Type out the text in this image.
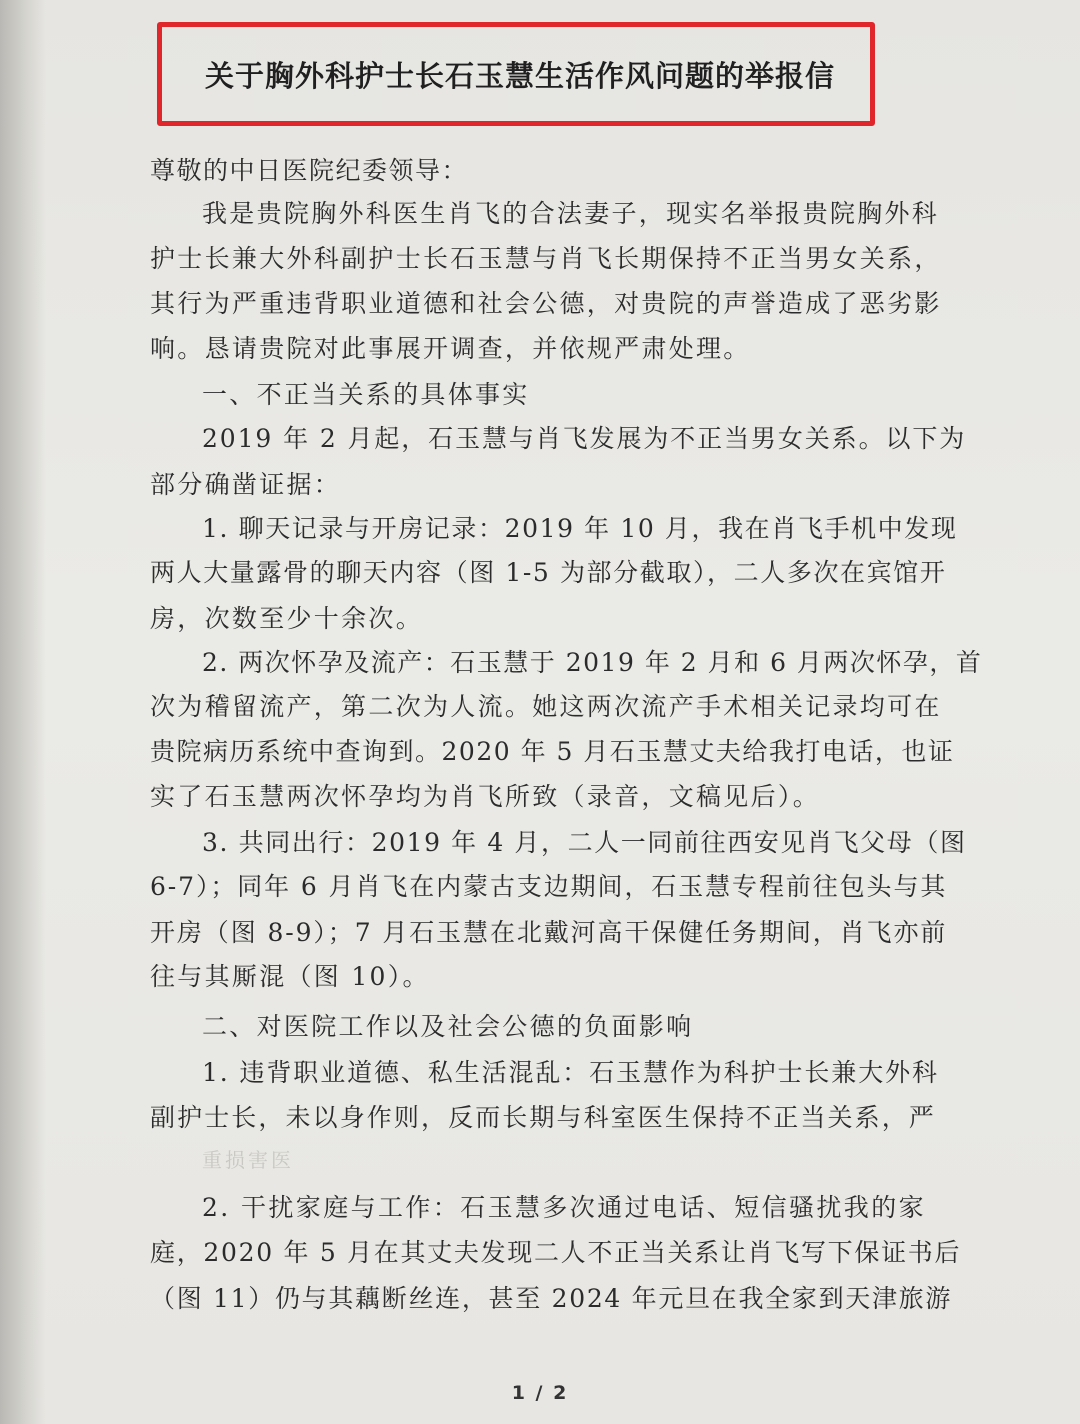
关于胸外科护士长石玉慧生活作风问题的举报信
尊敬的中日医院纪委领导：
我是贵院胸外科医生肖飞的合法妻子，现实名举报贵院胸外科
护士长兼大外科副护士长石玉慧与肖飞长期保持不正当男女关系，
其行为严重违背职业道德和社会公德，对贵院的声誉造成了恶劣影
响。恳请贵院对此事展开调查，并依规严肃处理。
一、不正当关系的具体事实
2019 年 2 月起，石玉慧与肖飞发展为不正当男女关系。以下为
部分确凿证据：
1. 聊天记录与开房记录：2019 年 10 月，我在肖飞手机中发现
两人大量露骨的聊天内容（图 1-5 为部分截取），二人多次在宾馆开
房，次数至少十余次。
2. 两次怀孕及流产：石玉慧于 2019 年 2 月和 6 月两次怀孕，首
次为稽留流产，第二次为人流。她这两次流产手术相关记录均可在
贵院病历系统中查询到。2020 年 5 月石玉慧丈夫给我打电话，也证
实了石玉慧两次怀孕均为肖飞所致（录音，文稿见后）。
3. 共同出行：2019 年 4 月，二人一同前往西安见肖飞父母（图
6-7）；同年 6 月肖飞在内蒙古支边期间，石玉慧专程前往包头与其
开房（图 8-9）；7 月石玉慧在北戴河高干保健任务期间，肖飞亦前
往与其厮混（图 10）。
二、对医院工作以及社会公德的负面影响
1. 违背职业道德、私生活混乱：石玉慧作为科护士长兼大外科
副护士长，未以身作则，反而长期与科室医生保持不正当关系，严
重损害医
2. 干扰家庭与工作：石玉慧多次通过电话、短信骚扰我的家
庭，2020 年 5 月在其丈夫发现二人不正当关系让肖飞写下保证书后
（图 11）仍与其藕断丝连，甚至 2024 年元旦在我全家到天津旅游
1 / 2
